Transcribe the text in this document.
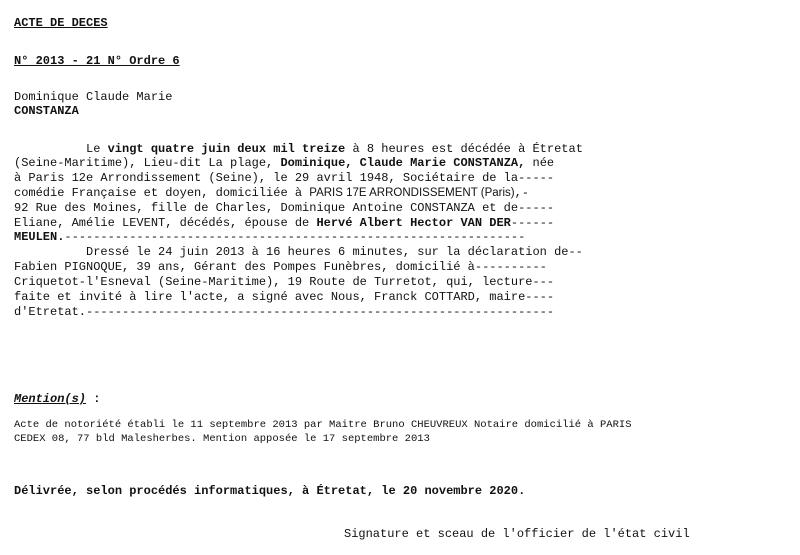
ACTE DE DECES
N° 2013 - 21 N° Ordre 6
Dominique Claude Marie
CONSTANZA
Le vingt quatre juin deux mil treize à 8 heures est décédée à Étretat
(Seine-Maritime), Lieu-dit La plage, Dominique, Claude Marie CONSTANZA, née
à Paris 12e Arrondissement (Seine), le 29 avril 1948, Sociétaire de la-----
comédie Française et doyen, domiciliée à PARIS 17E ARRONDISSEMENT (Paris),-
92 Rue des Moines, fille de Charles, Dominique Antoine CONSTANZA et de-----
Eliane, Amélie LEVENT, décédés, épouse de Hervé Albert Hector VAN DER------
MEULEN.----------------------------------------------------------------
Dressé le 24 juin 2013 à 16 heures 6 minutes, sur la déclaration de--
Fabien PIGNOQUE, 39 ans, Gérant des Pompes Funèbres, domicilié à----------
Criquetot-l'Esneval (Seine-Maritime), 19 Route de Turretot, qui, lecture---
faite et invité à lire l'acte, a signé avec Nous, Franck COTTARD, maire----
d'Etretat.-----------------------------------------------------------------
Mention(s) :
Acte de notoriété établi le 11 septembre 2013 par Maitre Bruno CHEUVREUX Notaire domicilié à PARIS
CEDEX 08, 77 bld Malesherbes. Mention apposée le 17 septembre 2013
Délivrée, selon procédés informatiques, à Étretat, le 20 novembre 2020.
Signature et sceau de l'officier de l'état civil
